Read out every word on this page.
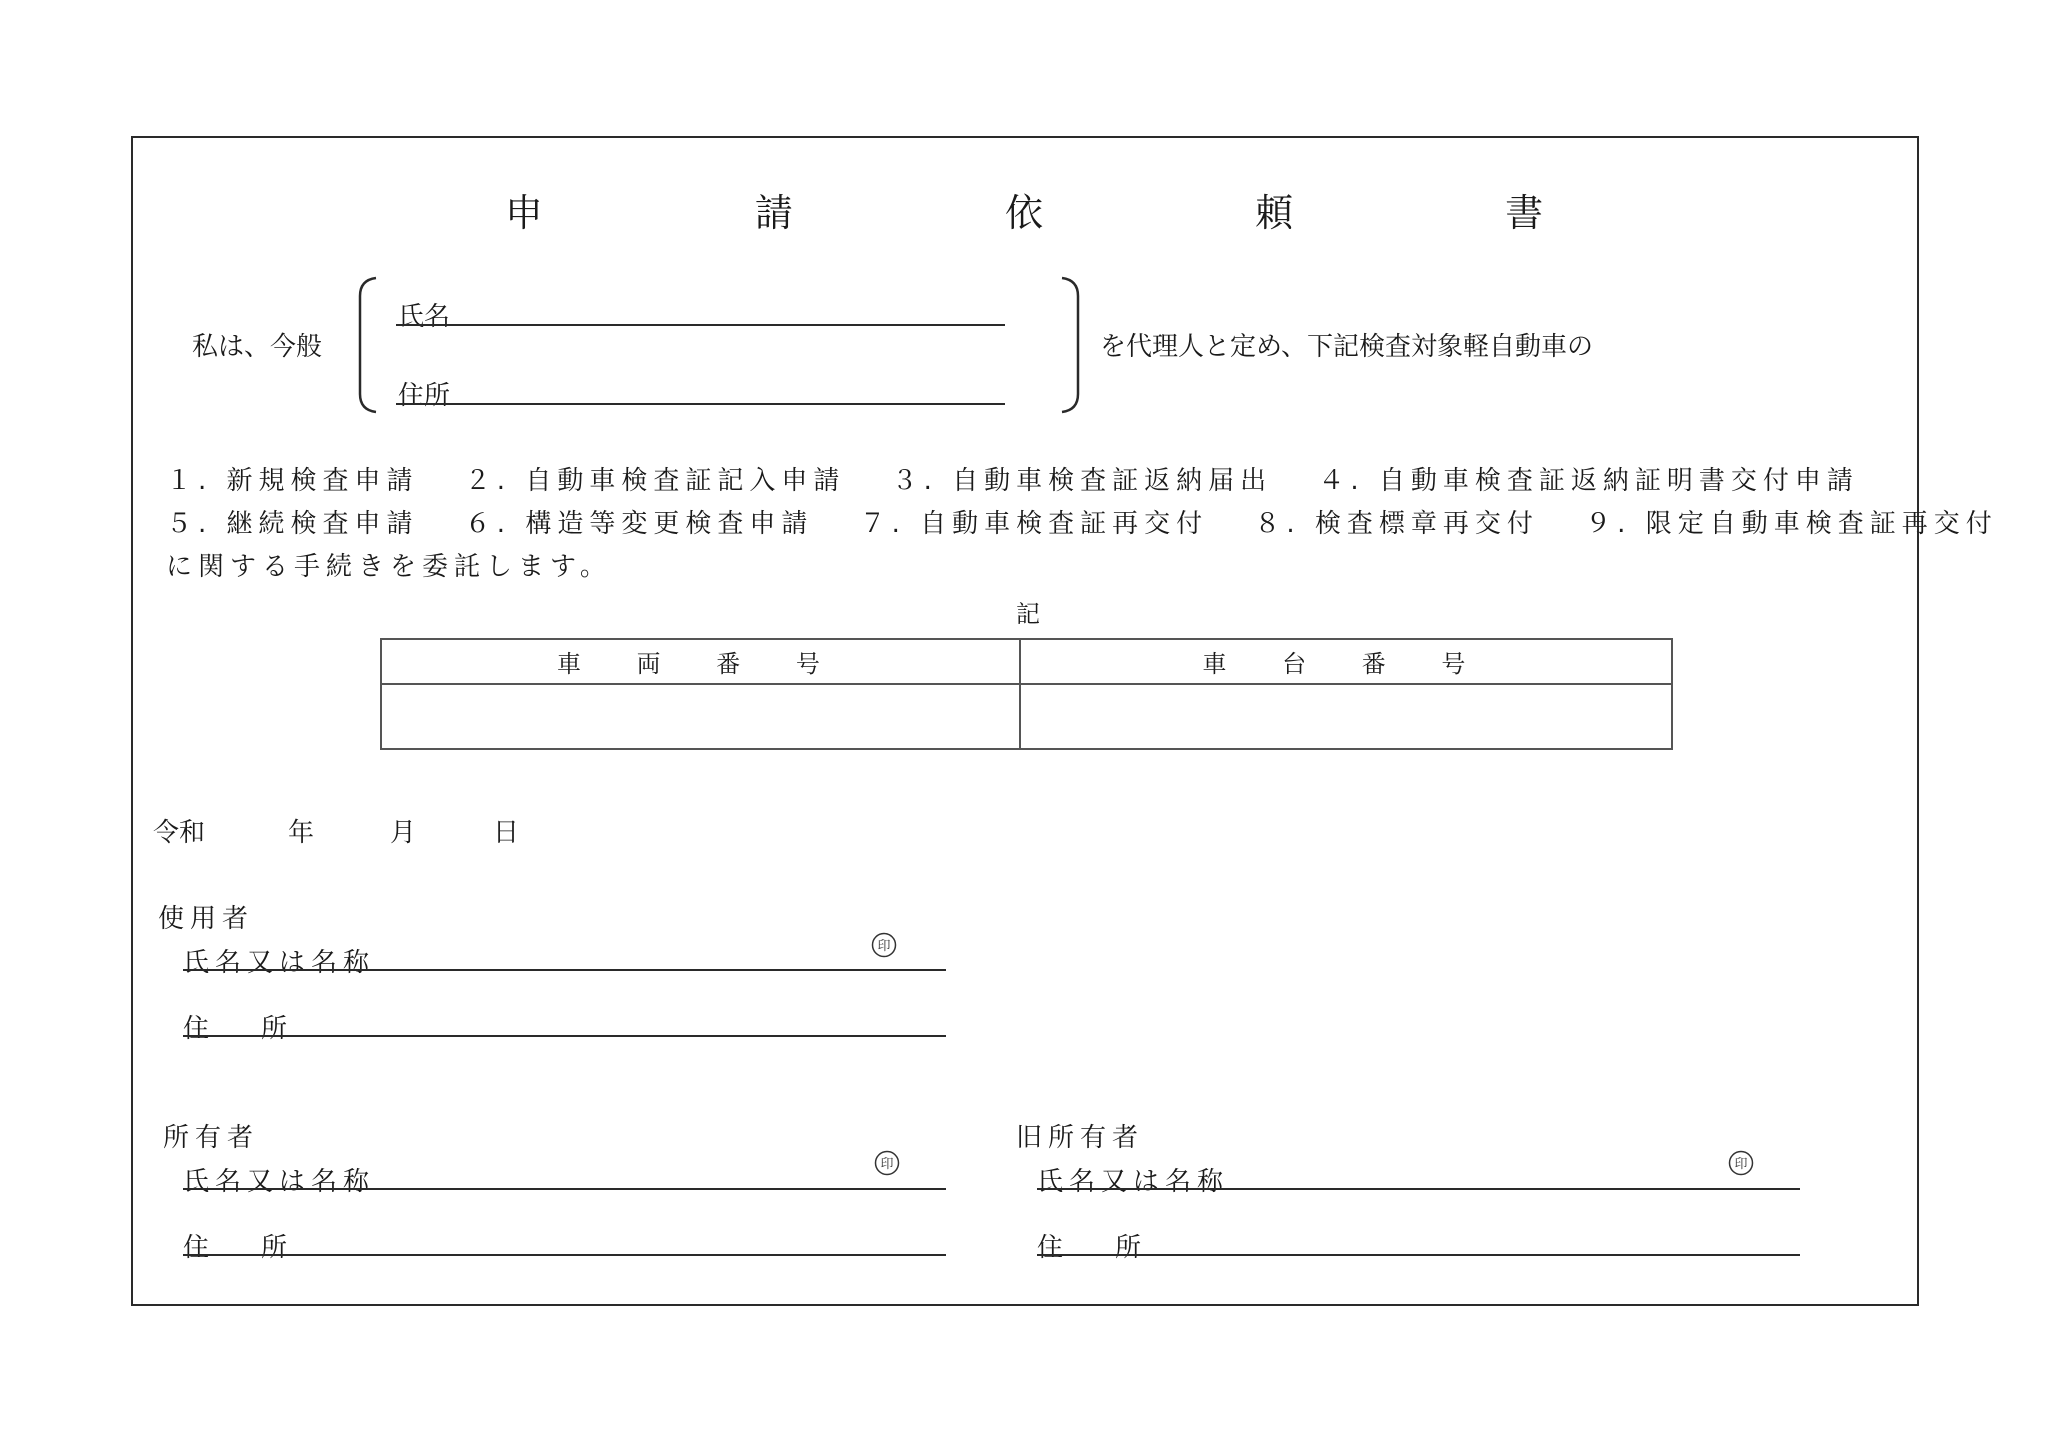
申 請 依 頼 書
私は、今般
氏名
住所
を代理人と定め、下記検査対象軽自動車の
１. 新規検査申請　 ２. 自動車検査証記入申請　 ３. 自動車検査証返納届出　 ４. 自動車検査証返納証明書交付申請
５. 継続検査申請　 ６. 構造等変更検査申請　 ７. 自動車検査証再交付　 ８. 検査標章再交付　 ９. 限定自動車検査証再交付
に関する手続きを委託します。
記
車 両 番 号	車 台 番 号

令和	年	月	日
使用者
氏名又は名称
印
住　　所
所有者
氏名又は名称
印
住　　所
旧所有者
氏名又は名称
印
住　　所
